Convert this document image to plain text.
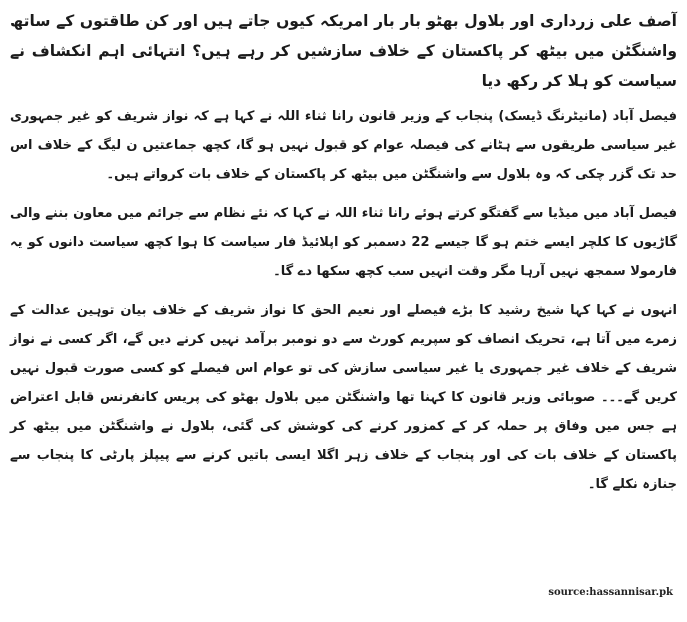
آصف علی زرداری اور بلاول بھٹو بار بار امریکہ کیوں جاتے ہیں اور کن طاقتوں کے ساتھ واشنگٹن میں بیٹھ کر پاکستان کے خلاف سازشیں کر رہے ہیں؟ انتہائی اہم انکشاف نے سیاست کو ہلا کر رکھ دیا

فیصل آباد (مانیٹرنگ ڈیسک) پنجاب کے وزیر قانون رانا ثناء اللہ نے کہا ہے کہ نواز شریف کو غیر جمہوری غیر سیاسی طریقوں سے ہٹانے کی فیصلہ عوام کو قبول نہیں ہو گا، کچھ جماعتیں ن لیگ کے خلاف اس حد تک گزر چکی کہ وہ بلاول سے واشنگٹن میں بیٹھ کر پاکستان کے خلاف بات کرواتے ہیں۔

فیصل آباد میں میڈیا سے گفتگو کرتے ہوئے رانا ثناء اللہ نے کہا کہ نئے نظام سے جرائم میں معاون بننے والی گاڑیوں کا کلچر ایسے ختم ہو گا جیسے 22 دسمبر کو اپلائیڈ فار سیاست کا ہوا کچھ سیاست دانوں کو یہ فارمولا سمجھ نہیں آرہا مگر وقت انہیں سب کچھ سکھا دے گا۔

انہوں نے کہا کہا شیخ رشید کا بڑے فیصلے اور نعیم الحق کا نواز شریف کے خلاف بیان توہین عدالت کے زمرے میں آتا ہے، تحریک انصاف کو سپریم کورٹ سے دو نومبر برآمد نہیں کرنے دیں گے، اگر کسی نے نواز شریف کے خلاف غیر جمہوری یا غیر سیاسی سازش کی تو عوام اس فیصلے کو کسی صورت قبول نہیں کریں گے۔۔۔ صوبائی وزیر قانون کا کہنا تھا واشنگٹن میں بلاول بھٹو کی پریس کانفرنس قابل اعتراض ہے جس میں وفاق پر حملہ کر کے کمزور کرنے کی کوشش کی گئی، بلاول نے واشنگٹن میں بیٹھ کر پاکستان کے خلاف بات کی اور پنجاب کے خلاف زہر اگلا ایسی باتیں کرنے سے پیپلز پارٹی کا پنجاب سے جنازہ نکلے گا۔

source:hassannisar.pk
